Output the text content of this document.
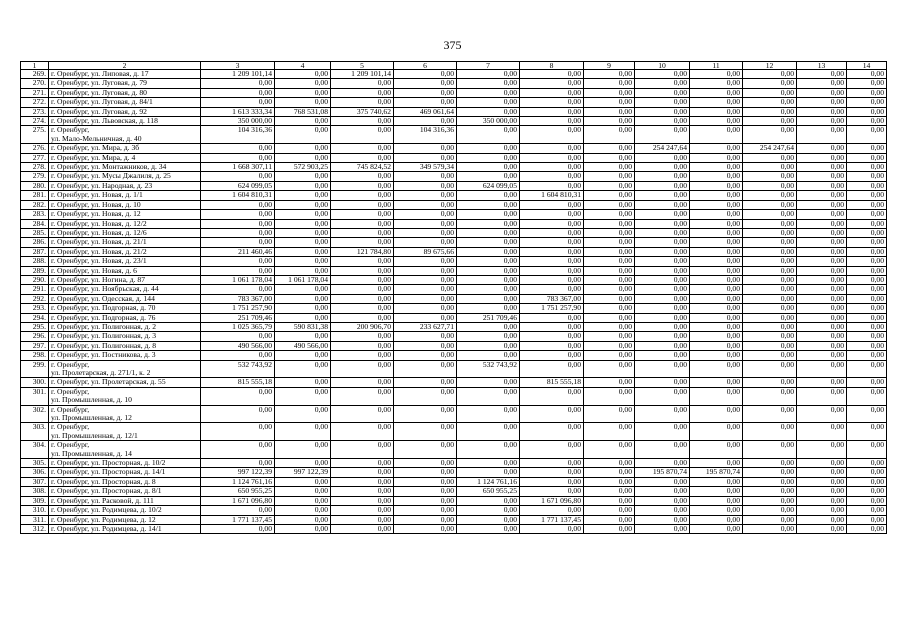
375
1	2	3	4	5	6	7	8	9	10	11	12	13	14
269.	г. Оренбург, ул. Липовая, д. 17	1 209 101,14	0,00	1 209 101,14	0,00	0,00	0,00	0,00	0,00	0,00	0,00	0,00	0,00
270.	г. Оренбург, ул. Луговая, д. 79	0,00	0,00	0,00	0,00	0,00	0,00	0,00	0,00	0,00	0,00	0,00	0,00
271.	г. Оренбург, ул. Луговая, д. 80	0,00	0,00	0,00	0,00	0,00	0,00	0,00	0,00	0,00	0,00	0,00	0,00
272.	г. Оренбург, ул. Луговая, д. 84/1	0,00	0,00	0,00	0,00	0,00	0,00	0,00	0,00	0,00	0,00	0,00	0,00
273.	г. Оренбург, ул. Луговая, д. 92	1 613 333,34	768 531,08	375 740,62	469 061,64	0,00	0,00	0,00	0,00	0,00	0,00	0,00	0,00
274.	г. Оренбург, ул. Львовская, д. 118	350 000,00	0,00	0,00	0,00	350 000,00	0,00	0,00	0,00	0,00	0,00	0,00	0,00
275.	г. Оренбург,
ул. Мало-Мельничная, д. 40	104 316,36	0,00	0,00	104 316,36	0,00	0,00	0,00	0,00	0,00	0,00	0,00	0,00
276.	г. Оренбург, ул. Мира, д. 3б	0,00	0,00	0,00	0,00	0,00	0,00	0,00	254 247,64	0,00	254 247,64	0,00	0,00
277.	г. Оренбург, ул. Мира, д. 4	0,00	0,00	0,00	0,00	0,00	0,00	0,00	0,00	0,00	0,00	0,00	0,00
278.	г. Оренбург, ул. Монтажников, д. 34	1 668 307,11	572 903,25	745 824,52	349 579,34	0,00	0,00	0,00	0,00	0,00	0,00	0,00	0,00
279.	г. Оренбург, ул. Мусы Джалиля, д. 25	0,00	0,00	0,00	0,00	0,00	0,00	0,00	0,00	0,00	0,00	0,00	0,00
280.	г. Оренбург, ул. Народная, д. 23	624 099,05	0,00	0,00	0,00	624 099,05	0,00	0,00	0,00	0,00	0,00	0,00	0,00
281.	г. Оренбург, ул. Новая, д. 1/1	1 604 810,31	0,00	0,00	0,00	0,00	1 604 810,31	0,00	0,00	0,00	0,00	0,00	0,00
282.	г. Оренбург, ул. Новая, д. 10	0,00	0,00	0,00	0,00	0,00	0,00	0,00	0,00	0,00	0,00	0,00	0,00
283.	г. Оренбург, ул. Новая, д. 12	0,00	0,00	0,00	0,00	0,00	0,00	0,00	0,00	0,00	0,00	0,00	0,00
284.	г. Оренбург, ул. Новая, д. 12/2	0,00	0,00	0,00	0,00	0,00	0,00	0,00	0,00	0,00	0,00	0,00	0,00
285.	г. Оренбург, ул. Новая, д. 12/6	0,00	0,00	0,00	0,00	0,00	0,00	0,00	0,00	0,00	0,00	0,00	0,00
286.	г. Оренбург, ул. Новая, д. 21/1	0,00	0,00	0,00	0,00	0,00	0,00	0,00	0,00	0,00	0,00	0,00	0,00
287.	г. Оренбург, ул. Новая, д. 21/2	211 460,46	0,00	121 784,80	89 675,66	0,00	0,00	0,00	0,00	0,00	0,00	0,00	0,00
288.	г. Оренбург, ул. Новая, д. 23/1	0,00	0,00	0,00	0,00	0,00	0,00	0,00	0,00	0,00	0,00	0,00	0,00
289.	г. Оренбург, ул. Новая, д. 6	0,00	0,00	0,00	0,00	0,00	0,00	0,00	0,00	0,00	0,00	0,00	0,00
290.	г. Оренбург, ул. Ногина, д. 87	1 061 178,04	1 061 178,04	0,00	0,00	0,00	0,00	0,00	0,00	0,00	0,00	0,00	0,00
291.	г. Оренбург, ул. Ноябрьская, д. 44	0,00	0,00	0,00	0,00	0,00	0,00	0,00	0,00	0,00	0,00	0,00	0,00
292.	г. Оренбург, ул. Одесская, д. 144	783 367,00	0,00	0,00	0,00	0,00	783 367,00	0,00	0,00	0,00	0,00	0,00	0,00
293.	г. Оренбург, ул. Подгорная, д. 70	1 751 257,90	0,00	0,00	0,00	0,00	1 751 257,90	0,00	0,00	0,00	0,00	0,00	0,00
294.	г. Оренбург, ул. Подгорная, д. 76	251 709,46	0,00	0,00	0,00	251 709,46	0,00	0,00	0,00	0,00	0,00	0,00	0,00
295.	г. Оренбург, ул. Полигонная, д. 2	1 025 365,79	590 831,38	200 906,70	233 627,71	0,00	0,00	0,00	0,00	0,00	0,00	0,00	0,00
296.	г. Оренбург, ул. Полигонная, д. 3	0,00	0,00	0,00	0,00	0,00	0,00	0,00	0,00	0,00	0,00	0,00	0,00
297.	г. Оренбург, ул. Полигонная, д. 8	490 566,00	490 566,00	0,00	0,00	0,00	0,00	0,00	0,00	0,00	0,00	0,00	0,00
298.	г. Оренбург, ул. Постникова, д. 3	0,00	0,00	0,00	0,00	0,00	0,00	0,00	0,00	0,00	0,00	0,00	0,00
299.	г. Оренбург,
ул. Пролетарская, д. 271/1, к. 2	532 743,92	0,00	0,00	0,00	532 743,92	0,00	0,00	0,00	0,00	0,00	0,00	0,00
300.	г. Оренбург, ул. Пролетарская, д. 55	815 555,18	0,00	0,00	0,00	0,00	815 555,18	0,00	0,00	0,00	0,00	0,00	0,00
301.	г. Оренбург,
ул. Промышленная, д. 10	0,00	0,00	0,00	0,00	0,00	0,00	0,00	0,00	0,00	0,00	0,00	0,00
302.	г. Оренбург,
ул. Промышленная, д. 12	0,00	0,00	0,00	0,00	0,00	0,00	0,00	0,00	0,00	0,00	0,00	0,00
303.	г. Оренбург,
ул. Промышленная, д. 12/1	0,00	0,00	0,00	0,00	0,00	0,00	0,00	0,00	0,00	0,00	0,00	0,00
304.	г. Оренбург,
ул. Промышленная, д. 14	0,00	0,00	0,00	0,00	0,00	0,00	0,00	0,00	0,00	0,00	0,00	0,00
305.	г. Оренбург, ул. Просторная, д. 10/2	0,00	0,00	0,00	0,00	0,00	0,00	0,00	0,00	0,00	0,00	0,00	0,00
306.	г. Оренбург, ул. Просторная, д. 14/1	997 122,39	997 122,39	0,00	0,00	0,00	0,00	0,00	195 870,74	195 870,74	0,00	0,00	0,00
307.	г. Оренбург, ул. Просторная, д. 8	1 124 761,16	0,00	0,00	0,00	1 124 761,16	0,00	0,00	0,00	0,00	0,00	0,00	0,00
308.	г. Оренбург, ул. Просторная, д. 8/1	650 955,25	0,00	0,00	0,00	650 955,25	0,00	0,00	0,00	0,00	0,00	0,00	0,00
309.	г. Оренбург, ул. Расковой, д. 111	1 671 096,80	0,00	0,00	0,00	0,00	1 671 096,80	0,00	0,00	0,00	0,00	0,00	0,00
310.	г. Оренбург, ул. Родимцева, д. 10/2	0,00	0,00	0,00	0,00	0,00	0,00	0,00	0,00	0,00	0,00	0,00	0,00
311.	г. Оренбург, ул. Родимцева, д. 12	1 771 137,45	0,00	0,00	0,00	0,00	1 771 137,45	0,00	0,00	0,00	0,00	0,00	0,00
312.	г. Оренбург, ул. Родимцева, д. 14/1	0,00	0,00	0,00	0,00	0,00	0,00	0,00	0,00	0,00	0,00	0,00	0,00
